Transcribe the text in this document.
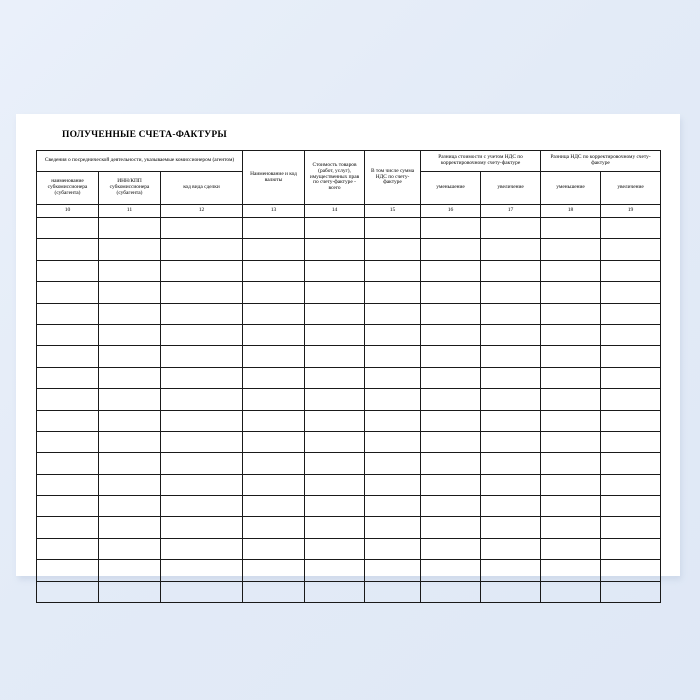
ПОЛУЧЕННЫЕ СЧЕТА-ФАКТУРЫ
Сведения о посреднической деятельности, указываемые комиссионером (агентом)			Наименование и код валюты	Стоимость товаров (работ, услуг), имущественных прав по счету-фактуре - всего	В том числе сумма НДС по счету-фактуре	Разница стоимости с учетом НДС по корректировочному счету-фактуре		Разница НДС по корректировочному счету-фактуре	
наименование субкомиссионера (субагента)	ИНН/КПП субкомиссионера (субагента)	код вида сделки				уменьшение	увеличение	уменьшение	увеличение
10	11	12	13	14	15	16	17	18	19
